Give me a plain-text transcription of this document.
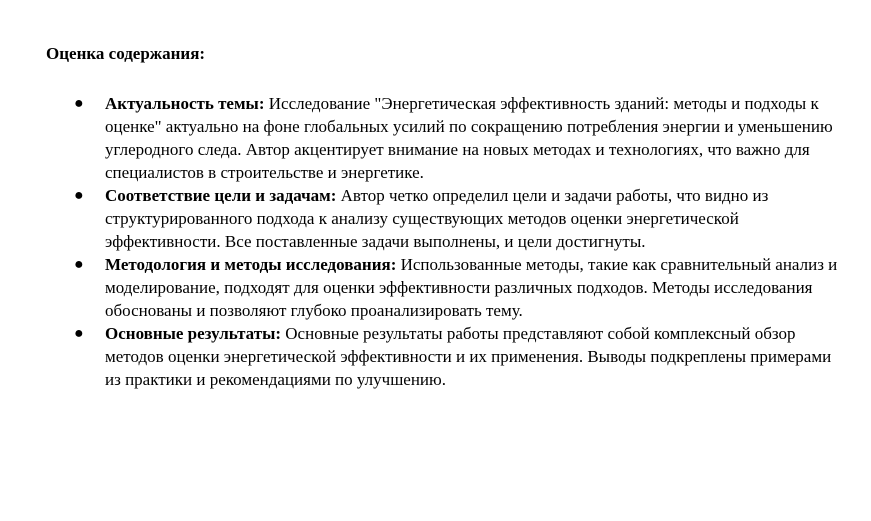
Оценка содержания:
● Актуальность темы: Исследование "Энергетическая эффективность зданий: методы и подходы к оценке" актуально на фоне глобальных усилий по сокращению потребления энергии и уменьшению углеродного следа. Автор акцентирует внимание на новых методах и технологиях, что важно для специалистов в строительстве и энергетике.
● Соответствие цели и задачам: Автор четко определил цели и задачи работы, что видно из структурированного подхода к анализу существующих методов оценки энергетической эффективности. Все поставленные задачи выполнены, и цели достигнуты.
● Методология и методы исследования: Использованные методы, такие как сравнительный анализ и моделирование, подходят для оценки эффективности различных подходов. Методы исследования обоснованы и позволяют глубоко проанализировать тему.
● Основные результаты: Основные результаты работы представляют собой комплексный обзор методов оценки энергетической эффективности и их применения. Выводы подкреплены примерами из практики и рекомендациями по улучшению.
